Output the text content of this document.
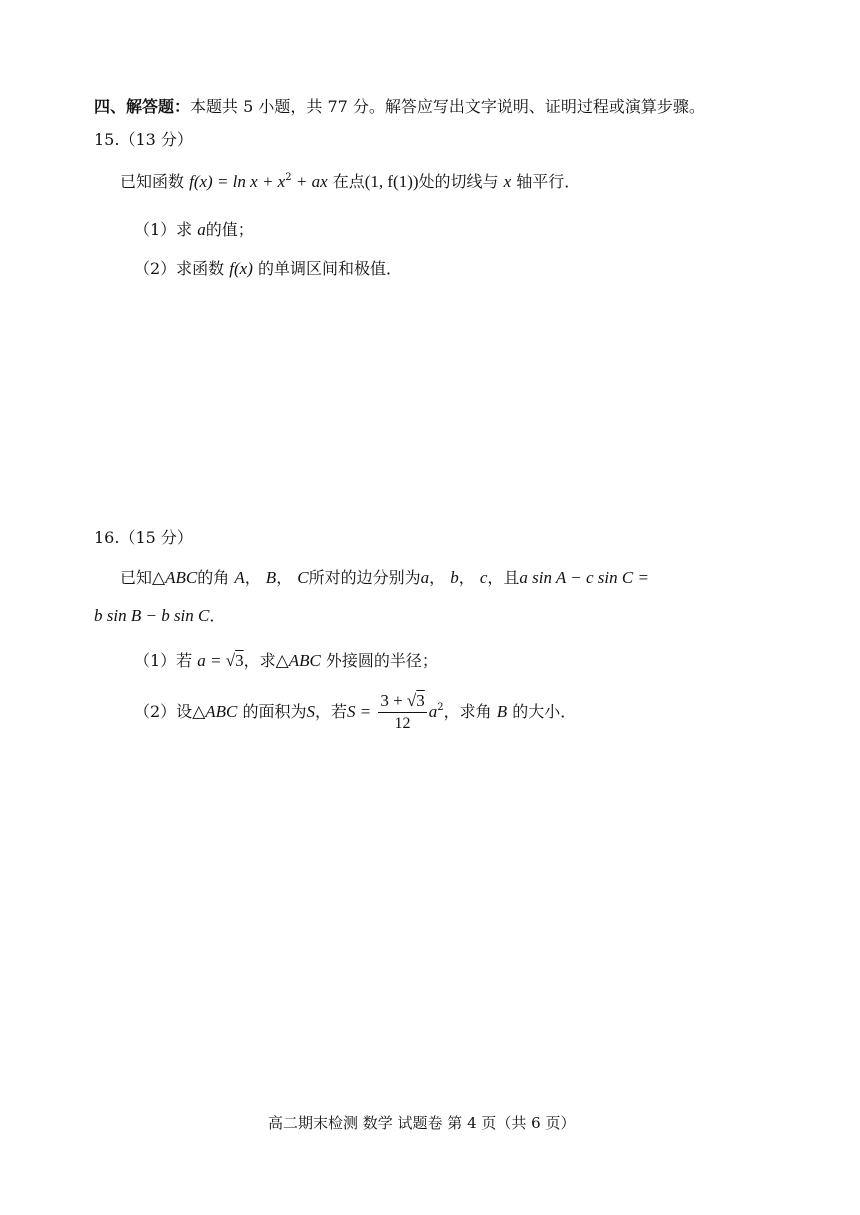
四、解答题：本题共 5 小题，共 77 分。解答应写出文字说明、证明过程或演算步骤。
15.（13 分）
已知函数 $f(x) = \ln x + x^2$ + ax 在点(1, f(1))处的切线与 x 轴平行．
（1）求 a的值；
（2）求函数 f(x) 的单调区间和极值．
16.（15 分）
已知△ABC的角 A， B， C所对的边分别为a， b， c，且a sin A − c sin C =
b sin B − b sin C．
（1）若 a = √3，求△ABC 外接圆的半径；
（2）设△ABC 的面积为S，若$S = \frac{3 + √3}{12} a^2$，求角 B 的大小．
高二期末检测 数学 试题卷 第 4 页（共 6 页）
